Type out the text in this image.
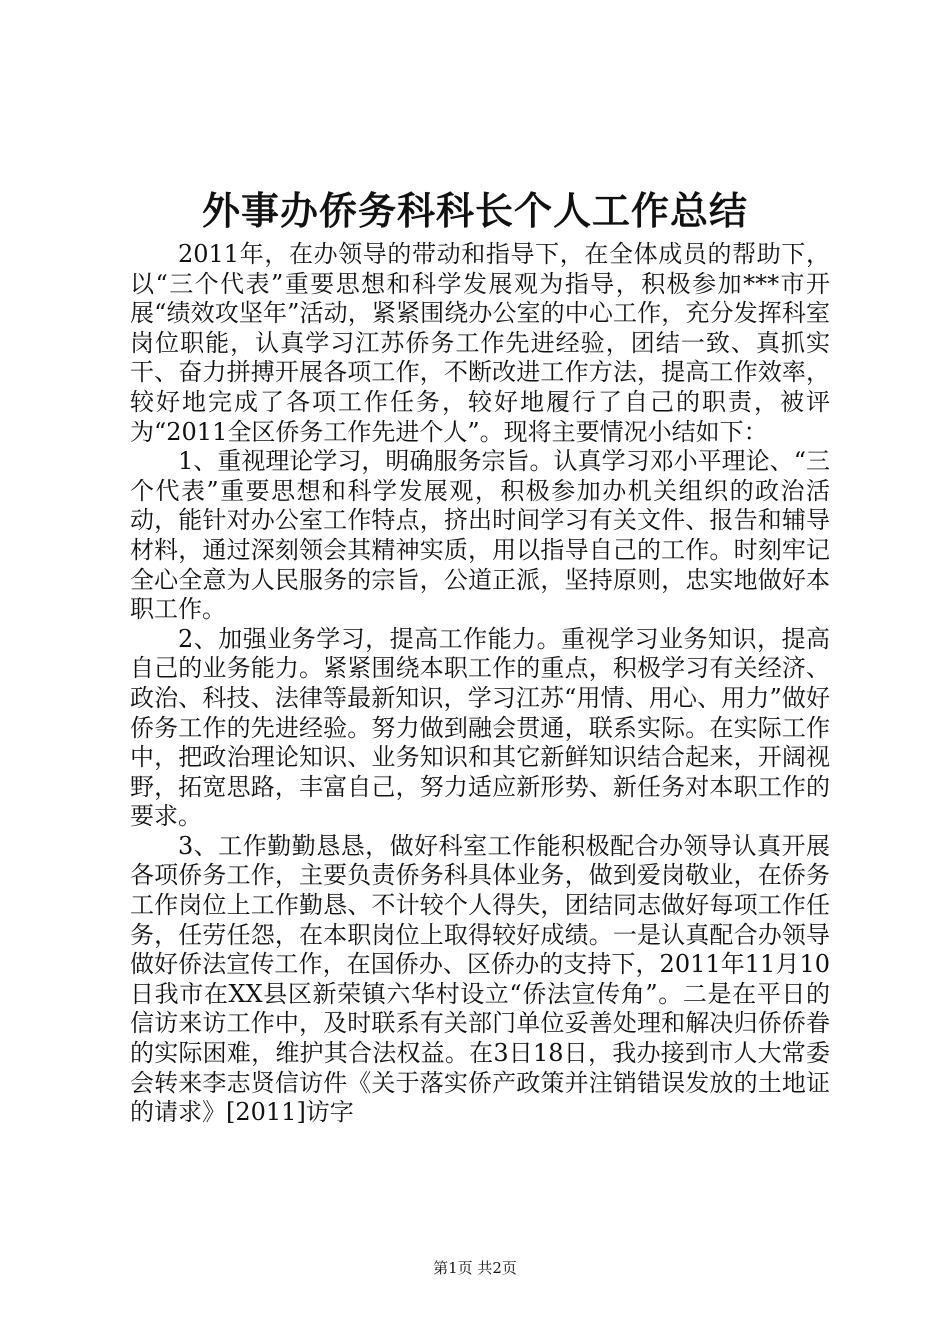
外事办侨务科科长个人工作总结

2011年，在办领导的带动和指导下，在全体成员的帮助下，以“三个代表”重要思想和科学发展观为指导，积极参加***市开展“绩效攻坚年”活动，紧紧围绕办公室的中心工作，充分发挥科室岗位职能，认真学习江苏侨务工作先进经验，团结一致、真抓实干、奋力拼搏开展各项工作，不断改进工作方法，提高工作效率，较好地完成了各项工作任务，较好地履行了自己的职责，被评为“2011全区侨务工作先进个人”。现将主要情况小结如下：

1、重视理论学习，明确服务宗旨。认真学习邓小平理论、“三个代表”重要思想和科学发展观，积极参加办机关组织的政治活动，能针对办公室工作特点，挤出时间学习有关文件、报告和辅导材料，通过深刻领会其精神实质，用以指导自己的工作。时刻牢记全心全意为人民服务的宗旨，公道正派，坚持原则，忠实地做好本职工作。

2、加强业务学习，提高工作能力。重视学习业务知识，提高自己的业务能力。紧紧围绕本职工作的重点，积极学习有关经济、政治、科技、法律等最新知识，学习江苏“用情、用心、用力”做好侨务工作的先进经验。努力做到融会贯通，联系实际。在实际工作中，把政治理论知识、业务知识和其它新鲜知识结合起来，开阔视野，拓宽思路，丰富自己，努力适应新形势、新任务对本职工作的要求。

3、工作勤勤恳恳，做好科室工作能积极配合办领导认真开展各项侨务工作，主要负责侨务科具体业务，做到爱岗敬业，在侨务工作岗位上工作勤恳、不计较个人得失，团结同志做好每项工作任务，任劳任怨，在本职岗位上取得较好成绩。一是认真配合办领导做好侨法宣传工作，在国侨办、区侨办的支持下，2011年11月10日我市在XX县区新荣镇六华村设立“侨法宣传角”。二是在平日的信访来访工作中，及时联系有关部门单位妥善处理和解决归侨侨眷的实际困难，维护其合法权益。在3日18日，我办接到市人大常委会转来李志贤信访件《关于落实侨产政策并注销错误发放的土地证的请求》[2011]访字

第1页 共2页
